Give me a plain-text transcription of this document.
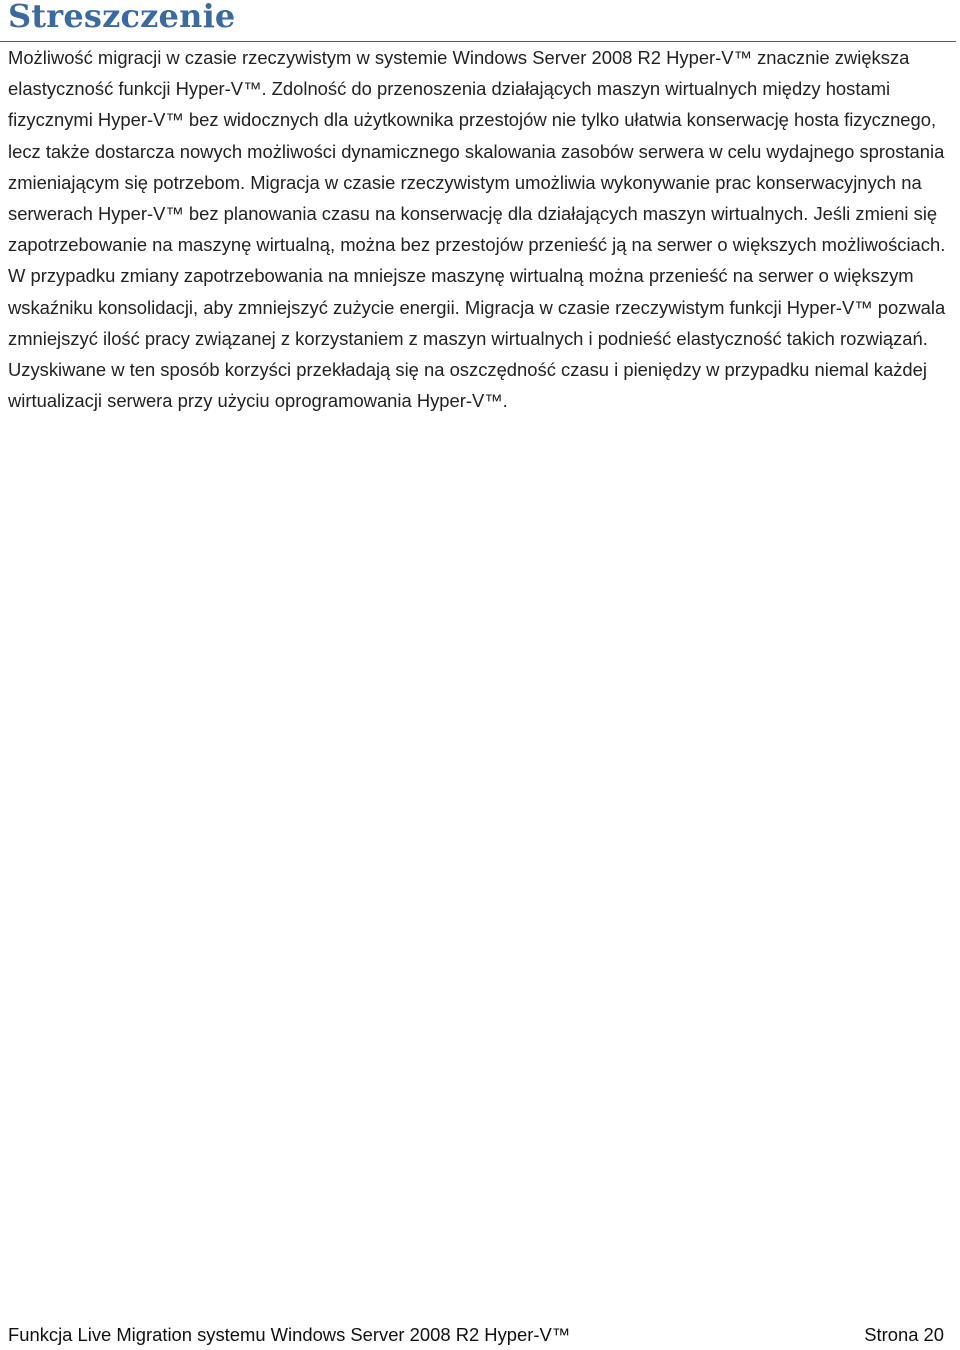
Streszczenie

Możliwość migracji w czasie rzeczywistym w systemie Windows Server 2008 R2 Hyper-V™ znacznie zwiększa elastyczność funkcji Hyper-V™. Zdolność do przenoszenia działających maszyn wirtualnych między hostami fizycznymi Hyper-V™ bez widocznych dla użytkownika przestojów nie tylko ułatwia konserwację hosta fizycznego, lecz także dostarcza nowych możliwości dynamicznego skalowania zasobów serwera w celu wydajnego sprostania zmieniającym się potrzebom. Migracja w czasie rzeczywistym umożliwia wykonywanie prac konserwacyjnych na serwerach Hyper-V™ bez planowania czasu na konserwację dla działających maszyn wirtualnych. Jeśli zmieni się zapotrzebowanie na maszynę wirtualną, można bez przestojów przenieść ją na serwer o większych możliwościach. W przypadku zmiany zapotrzebowania na mniejsze maszynę wirtualną można przenieść na serwer o większym wskaźniku konsolidacji, aby zmniejszyć zużycie energii. Migracja w czasie rzeczywistym funkcji Hyper-V™ pozwala zmniejszyć ilość pracy związanej z korzystaniem z maszyn wirtualnych i podnieść elastyczność takich rozwiązań. Uzyskiwane w ten sposób korzyści przekładają się na oszczędność czasu i pieniędzy w przypadku niemal każdej wirtualizacji serwera przy użyciu oprogramowania Hyper-V™.

Funkcja Live Migration systemu Windows Server 2008 R2 Hyper-V™	Strona 20
